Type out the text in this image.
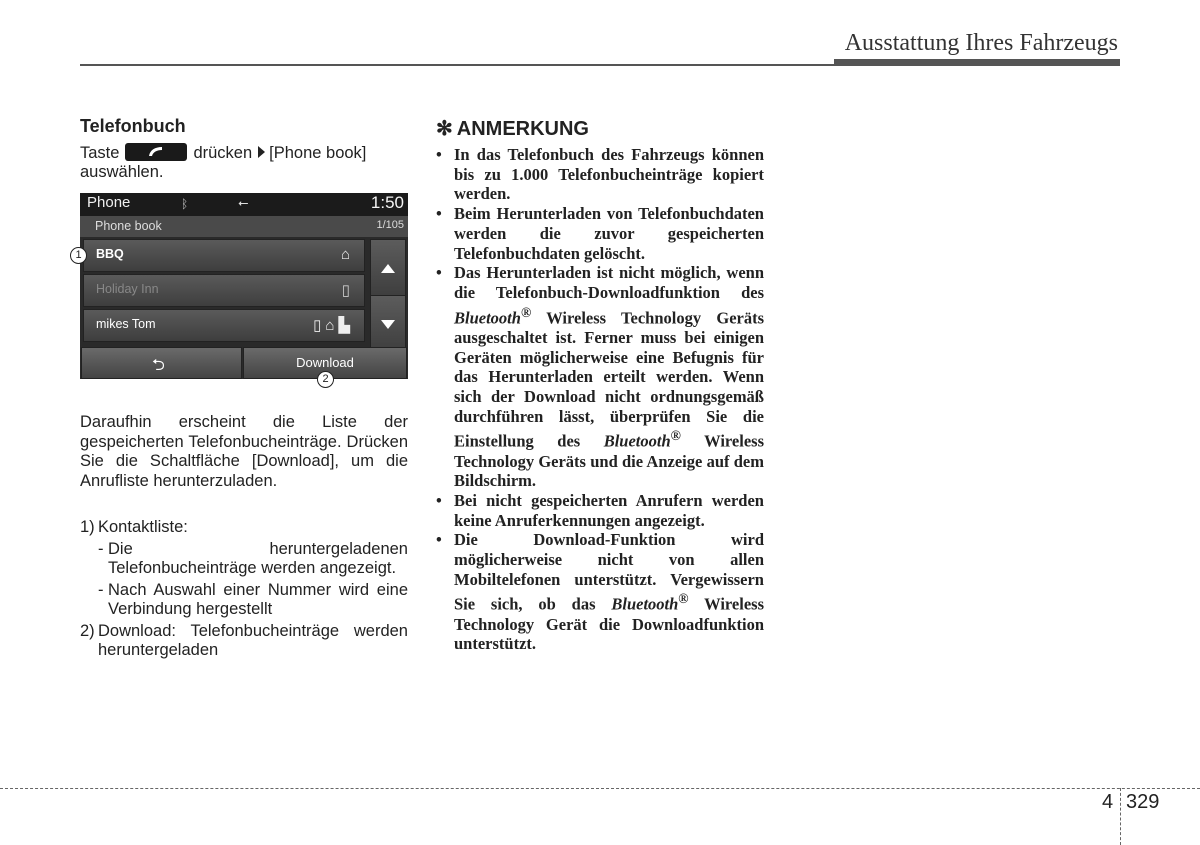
Ausstattung Ihres Fahrzeugs
Telefonbuch
Taste	drücken [Phone book]
auswählen.
Phone	ᛒ	⭠	1:50
Phone book	1/105
BBQ	⌂
Holiday Inn	▯
mikes Tom	▯⌂▙
⮌	Download
1
2
Daraufhin erscheint die Liste der gespeicherten Telefonbucheinträge. Drücken Sie die Schaltfläche [Download], um die Anrufliste herunterzuladen.
1) Kontaktliste:
- Die heruntergeladenen Telefonbucheinträge werden angezeigt.
- Nach Auswahl einer Nummer wird eine Verbindung hergestellt
2) Download: Telefonbucheinträge werden heruntergeladen
✻ ANMERKUNG
• In das Telefonbuch des Fahrzeugs können bis zu 1.000 Telefonbucheinträge kopiert werden.
• Beim Herunterladen von Telefonbuchdaten werden die zuvor gespeicherten Telefonbuchdaten gelöscht.
• Das Herunterladen ist nicht möglich, wenn die Telefonbuch-Downloadfunktion des Bluetooth® Wireless Technology Geräts ausgeschaltet ist. Ferner muss bei einigen Geräten möglicherweise eine Befugnis für das Herunterladen erteilt werden. Wenn sich der Download nicht ordnungsgemäß durchführen lässt, überprüfen Sie die Einstellung des Bluetooth® Wireless Technology Geräts und die Anzeige auf dem Bildschirm.
• Bei nicht gespeicherten Anrufern werden keine Anruferkennungen angezeigt.
• Die Download-Funktion wird möglicherweise nicht von allen Mobiltelefonen unterstützt. Vergewissern Sie sich, ob das Bluetooth® Wireless Technology Gerät die Downloadfunktion unterstützt.
4 329
